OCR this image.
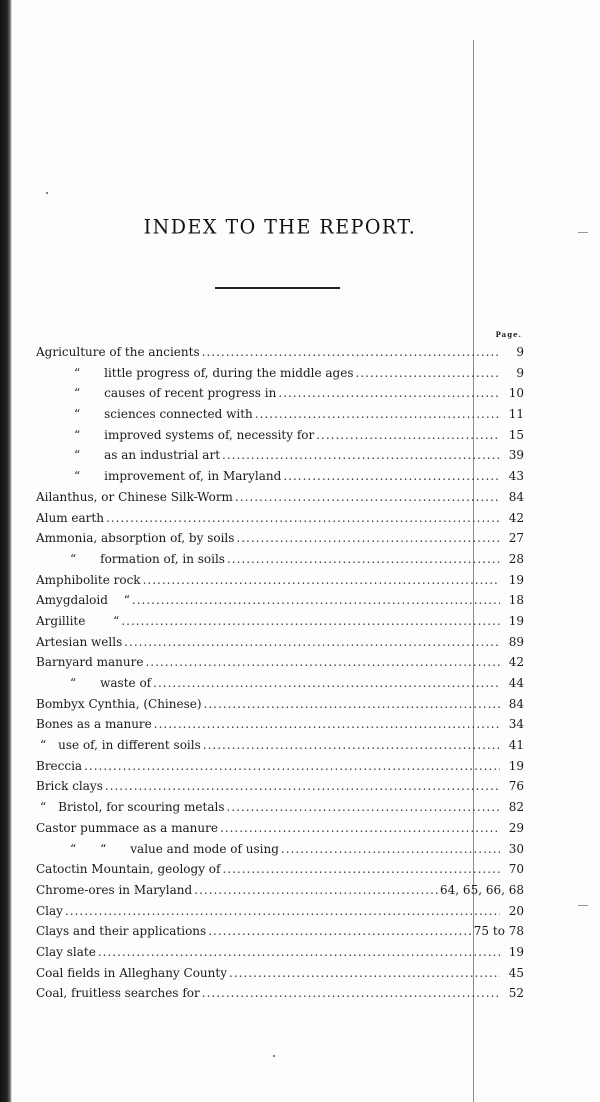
INDEX TO THE REPORT.
Page.
Agriculture of the ancients .....	9
“  little progress of, during the middle ages .....	9
“  causes of recent progress in .....	10
“  sciences connected with .....	11
“  improved systems of, necessity for .....	15
“  as an industrial art .....	39
“  improvement of, in Maryland .....	43
Ailanthus, or Chinese Silk-Worm .....	84
Alum earth .....	42
Ammonia, absorption of, by soils .....	27
“  formation of, in soils .....	28
Amphibolite rock .....	19
Amygdaloid  “ .....	18
Argillite   “ .....	19
Artesian wells .....	89
Barnyard manure .....	42
“  waste of .....	44
Bombyx Cynthia, (Chinese) .....	84
Bones as a manure .....	34
“ use of, in different soils .....	41
Breccia .....	19
Brick clays .....	76
“ Bristol, for scouring metals .....	82
Castor pummace as a manure .....	29
“  “  value and mode of using .....	30
Catoctin Mountain, geology of .....	70
Chrome-ores in Maryland .....	64, 65, 66, 68
Clay .....	20
Clays and their applications .....	75 to 78
Clay slate .....	19
Coal fields in Alleghany County .....	45
Coal, fruitless searches for .....	52
